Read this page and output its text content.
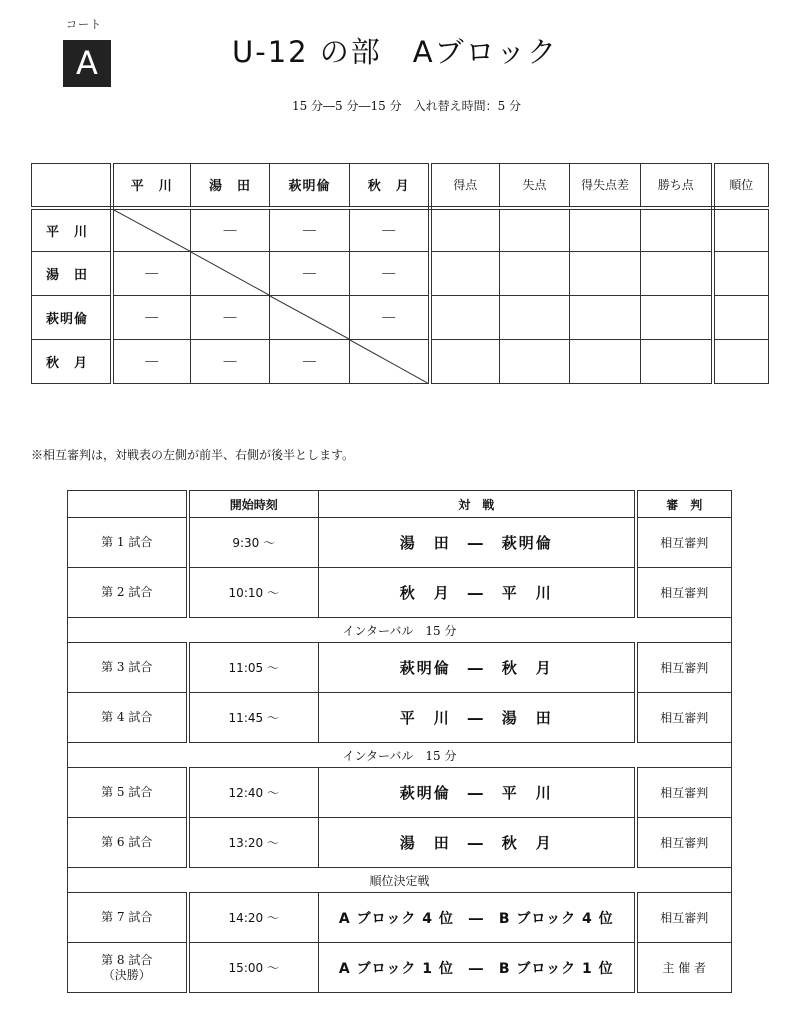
コート
A	U-12 の部　Aブロック
15 分―5 分―15 分　入れ替え時間：5 分
	平　川	湯　田	萩明倫	秋　月	得点	失点	得失点差	勝ち点	順位
平　川		―	―	―					
湯　田	―		―	―					
萩明倫	―	―		―					
秋　月	―	―	―	

※相互審判は，対戦表の左側が前半、右側が後半とします。
	開始時刻	対　戦	審　判

第 1 試合	9:30 ～	湯　田　 ―　 萩明倫	相互審判

第 2 試合	10:10 ～	秋　月　 ―　 平　川	相互審判
インターバル　15 分			

第 3 試合	11:05 ～	萩明倫　 ―　 秋　月	相互審判

第 4 試合	11:45 ～	平　川　 ―　 湯　田	相互審判
インターバル　15 分			

第 5 試合	12:40 ～	萩明倫　 ―　 平　川	相互審判

第 6 試合	13:20 ～	湯　田　 ―　 秋　月	相互審判
順位決定戦			

第 7 試合	14:20 ～	A ブロック 4 位　 ―　 B ブロック 4 位	相互審判

第 8 試合
（決勝）	15:00 ～	A ブロック 1 位　 ―　 B ブロック 1 位	主 催 者
